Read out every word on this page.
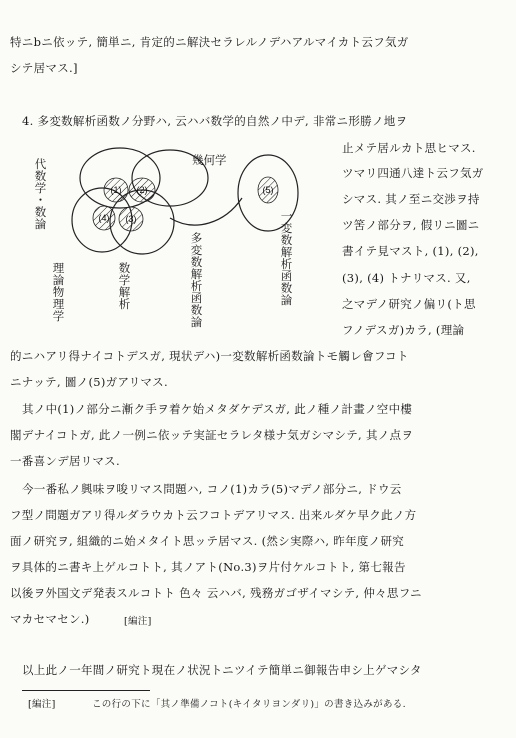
特ニbニ依ッテ, 簡単ニ, 肯定的ニ解決セラレルノデハアルマイカト云フ気ガ
シテ居マス.]
4. 多変数解析函数ノ分野ハ, 云ハバ数学的自然ノ中デ, 非常ニ形勝ノ地ヲ
止メテ居ルカト思ヒマス.
ツマリ四通八達ト云フ気ガ
シマス. 其ノ至ニ交渉ヲ持
ツ筈ノ部分ヲ, 假リニ圖ニ
書イテ見マスト, (1), (2),
(3), (4) トナリマス. 又,
之マデノ研究ノ偏リ(ト思
フノデスガ)カラ, (理論
(1) (2)
(3)
(4)
(5)
代数学・数論	幾何学
理論物理学	数学解析	多変数解析函数論	一変数解析函数論
的ニハアリ得ナイコトデスガ, 現状デハ)一変数解析函数論トモ觸レ會フコト
ニナッテ, 圖ノ(5)ガアリマス.
其ノ中(1)ノ部分ニ漸ク手ヲ着ケ始メタダケデスガ, 此ノ種ノ計畫ノ空中樓
閣デナイコトガ, 此ノ一例ニ依ッテ実証セラレタ様ナ気ガシマシテ, 其ノ点ヲ
一番喜ンデ居リマス.
今一番私ノ興味ヲ唆リマス問題ハ, コノ(1)カラ(5)マデノ部分ニ, ドウ云
フ型ノ問題ガアリ得ルダラウカト云フコトデアリマス. 出来ルダケ早ク此ノ方
面ノ研究ヲ, 組織的ニ始メタイト思ッテ居マス. (然シ実際ハ, 昨年度ノ研究
ヲ具体的ニ書キ上ゲルコトト, 其ノアト(No.3)ヲ片付ケルコトト, 第七報告
以後ヲ外国文デ発表スルコトト 色々 云ハバ, 残務ガゴザイマシテ, 仲々思フニ
マカセマセン.)	[編注]
以上此ノ一年間ノ研究ト現在ノ状況トニツイテ簡単ニ御報告申シ上ゲマシタ
[編注]	この行の下に「其ノ準備ノコト(キイタリヨンダリ)」の書き込みがある.
